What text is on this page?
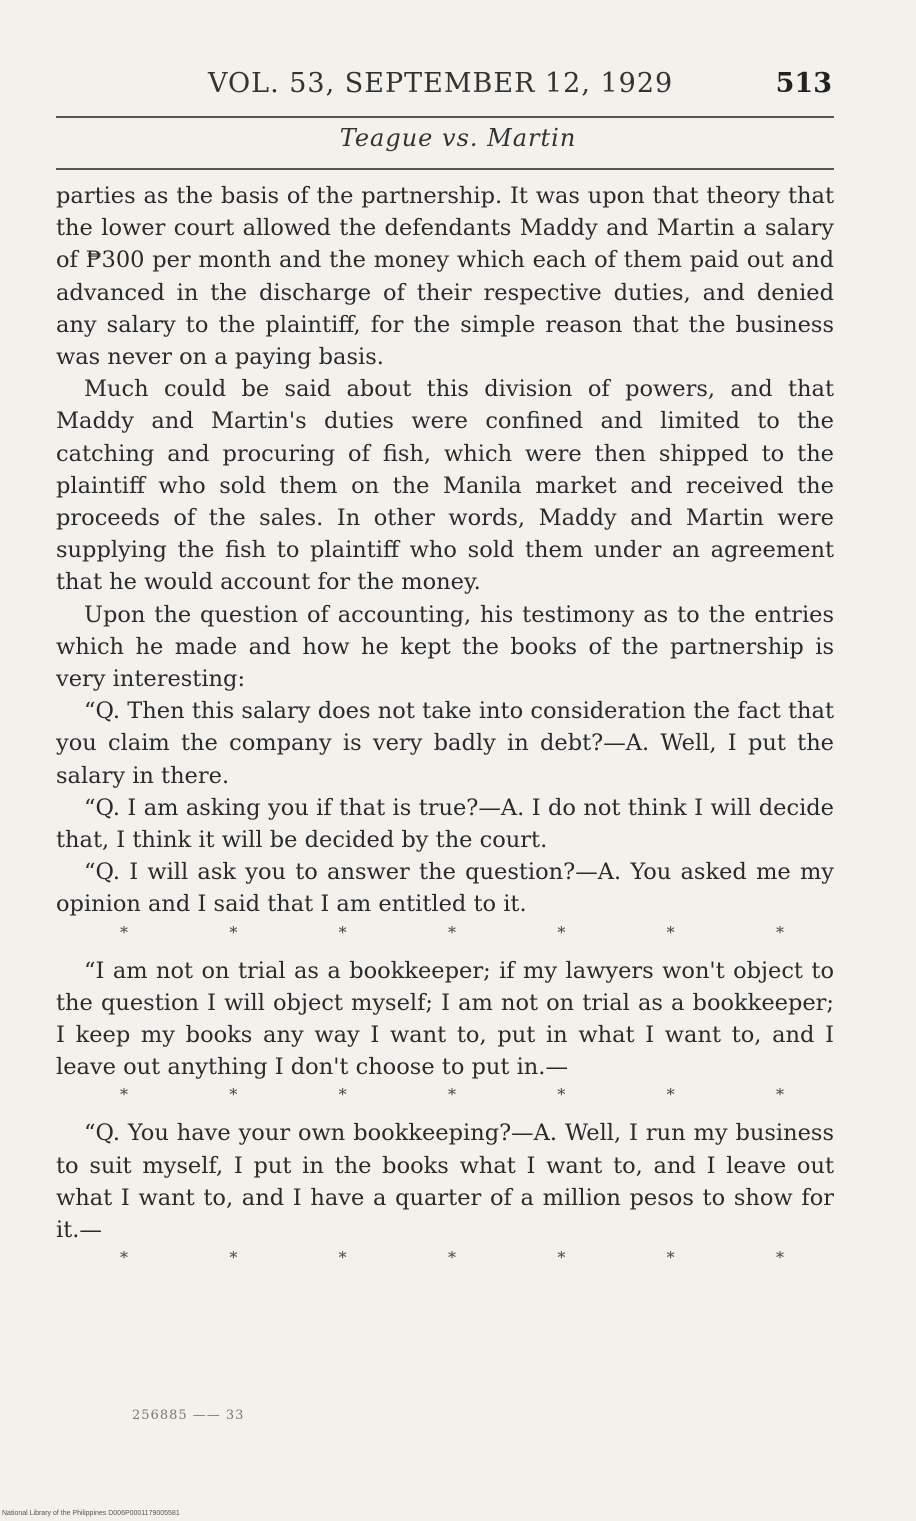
VOL. 53, SEPTEMBER 12, 1929	513
Teague vs. Martin

parties as the basis of the partnership. It was upon that theory that the lower court allowed the defendants Maddy and Martin a salary of ₱300 per month and the money which each of them paid out and advanced in the discharge of their respective duties, and denied any salary to the plaintiff, for the simple reason that the business was never on a paying basis.

Much could be said about this division of powers, and that Maddy and Martin's duties were confined and limited to the catching and procuring of fish, which were then shipped to the plaintiff who sold them on the Manila market and received the proceeds of the sales. In other words, Maddy and Martin were supplying the fish to plaintiff who sold them under an agreement that he would account for the money.

Upon the question of accounting, his testimony as to the entries which he made and how he kept the books of the partnership is very interesting:

“Q. Then this salary does not take into consideration the fact that you claim the company is very badly in debt?—A. Well, I put the salary in there.

“Q. I am asking you if that is true?—A. I do not think I will decide that, I think it will be decided by the court.

“Q. I will ask you to answer the question?—A. You asked me my opinion and I said that I am entitled to it.

*	*	*	*	*	*	*

“I am not on trial as a bookkeeper; if my lawyers won't object to the question I will object myself; I am not on trial as a bookkeeper; I keep my books any way I want to, put in what I want to, and I leave out anything I don't choose to put in.—

*	*	*	*	*	*	*

“Q. You have your own bookkeeping?—A. Well, I run my business to suit myself, I put in the books what I want to, and I leave out what I want to, and I have a quarter of a million pesos to show for it.—

*	*	*	*	*	*	*
256885 —— 33
National Library of the Philippines D006P0001179005581
